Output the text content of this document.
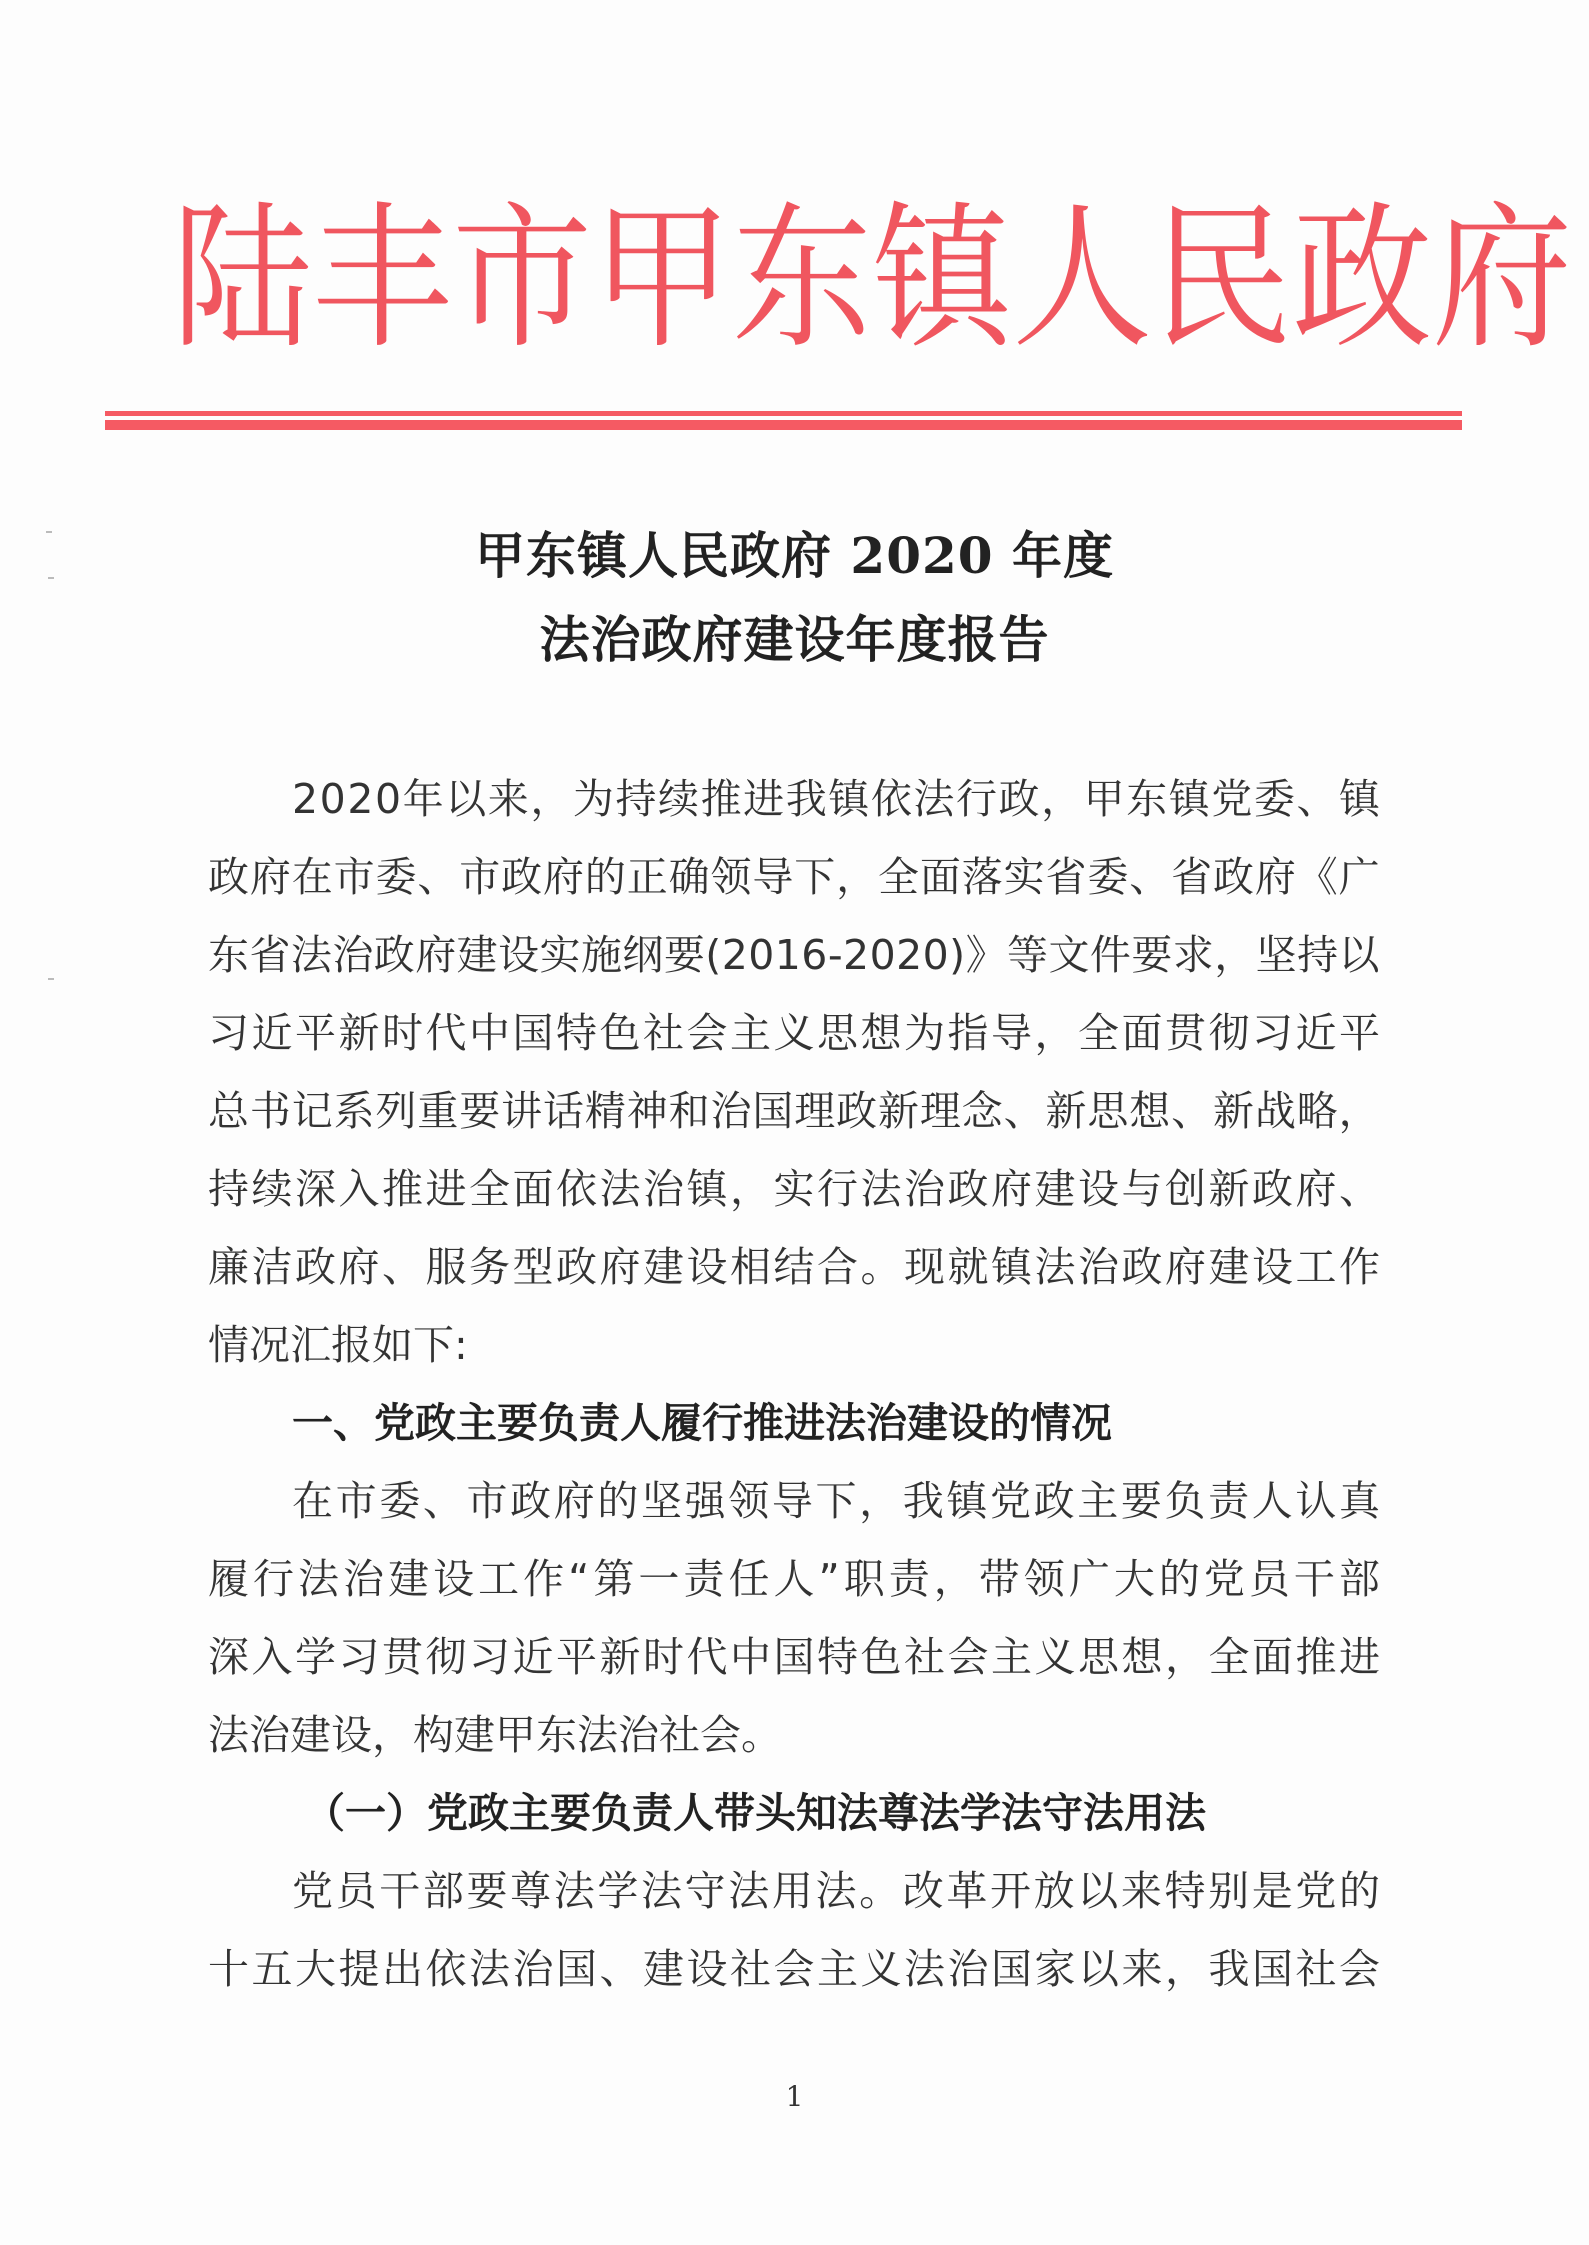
陆 丰 市 甲 东 镇 人 民 政 府
甲东镇人民政府 2020 年度
法治政府建设年度报告
2 0 2 0 年 以 来 ， 为 持 续 推 进 我 镇 依 法 行 政 ， 甲 东 镇 党 委 、 镇
政 府 在 市 委 、 市 政 府 的 正 确 领 导 下 ， 全 面 落 实 省 委 、 省 政 府 《 广
东 省 法 治 政 府 建 设 实 施 纲 要 ( 2 0 1 6 - 2 0 2 0 ) 》 等 文 件 要 求 ， 坚 持 以
习 近 平 新 时 代 中 国 特 色 社 会 主 义 思 想 为 指 导 ， 全 面 贯 彻 习 近 平
总 书 记 系 列 重 要 讲 话 精 神 和 治 国 理 政 新 理 念 、 新 思 想 、 新 战 略 ，
持 续 深 入 推 进 全 面 依 法 治 镇 ， 实 行 法 治 政 府 建 设 与 创 新 政 府 、
廉 洁 政 府 、 服 务 型 政 府 建 设 相 结 合 。 现 就 镇 法 治 政 府 建 设 工 作
情况汇报如下:
一、党政主要负责人履行推进法治建设的情况
在 市 委 、 市 政 府 的 坚 强 领 导 下 ， 我 镇 党 政 主 要 负 责 人 认 真
履 行 法 治 建 设 工 作 “ 第 一 责 任 人 ” 职 责 ， 带 领 广 大 的 党 员 干 部
深 入 学 习 贯 彻 习 近 平 新 时 代 中 国 特 色 社 会 主 义 思 想 ， 全 面 推 进
法治建设，构建甲东法治社会。
（一）党政主要负责人带头知法尊法学法守法用法
党 员 干 部 要 尊 法 学 法 守 法 用 法 。 改 革 开 放 以 来 特 别 是 党 的
十 五 大 提 出 依 法 治 国 、 建 设 社 会 主 义 法 治 国 家 以 来 ， 我 国 社 会
1
